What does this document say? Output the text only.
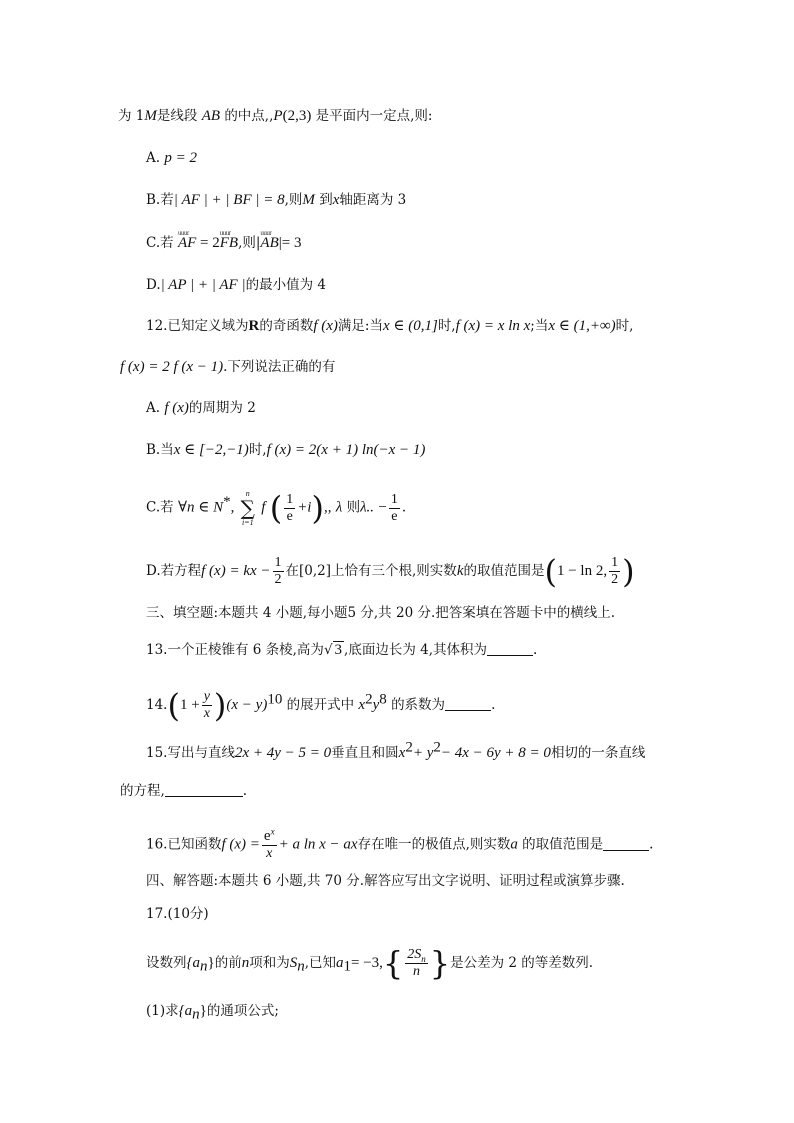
为 1M是线段 AB 的中点,,P(2,3) 是平面内一定点,则:
A. p = 2
B.若| AF | + | BF | = 8,则M 到x轴距离为 3
C.若 uuur AF = 2uuur FB,则|uuur AB|= 3
D.| AP | + | AF |的最小值为 4
12.已知定义域为R的奇函数f (x)满足:当x ∈ (0,1]时,f (x) = x ln x;当x ∈ (1,+∞)时,
f (x) = 2 f (x − 1).下列说法正确的有
A. f (x)的周期为 2
B.当x ∈ [−2,−1)时,f (x) = 2(x + 1) ln(−x − 1)
C.若 ∀n ∈ N*,
n
∑
i=1
f ( $\frac{1}{e} +i$),, λ 则λ.. − $\frac{1}{e}$ .
D.若方程f (x) = kx − $\frac{1}{2}$ 在[0,2]上恰有三个根,则实数k的取值范围是(1 − ln 2, $\frac{1}{2}$ )
三、填空题:本题共 4 小题,每小题5 分,共 20 分.把答案填在答题卡中的横线上.
13.一个正棱锥有 6 条棱,高为√ 3 ,底面边长为 4,其体积为	.
$14.(1 + \frac{y}{x} )(x - y)^{10}$ 的展开式中 $x^2y^8$ 的系数为	.
15.写出与直线2x + 4y − 5 = 0垂直且和圆$x^2+ y^2- 4x - 6y + 8 = 0$相切的一条直线
的方程,	.
16.已知函数f $(x) = \frac{e^x}{x} + a$ ln x − ax存在唯一的极值点,则实数a 的取值范围是	.
四、解答题:本题共 6 小题,共 70 分.解答应写出文字说明、证明过程或演算步骤.
17.(10分)
设数列$\{a_n\}$的前n项和为$S_n$,已知$a_1= -3,\{ \frac{2S_n}{n}$ }是公差为 2 的等差数列.
(1)求$\{a_n\}$的通项公式;
